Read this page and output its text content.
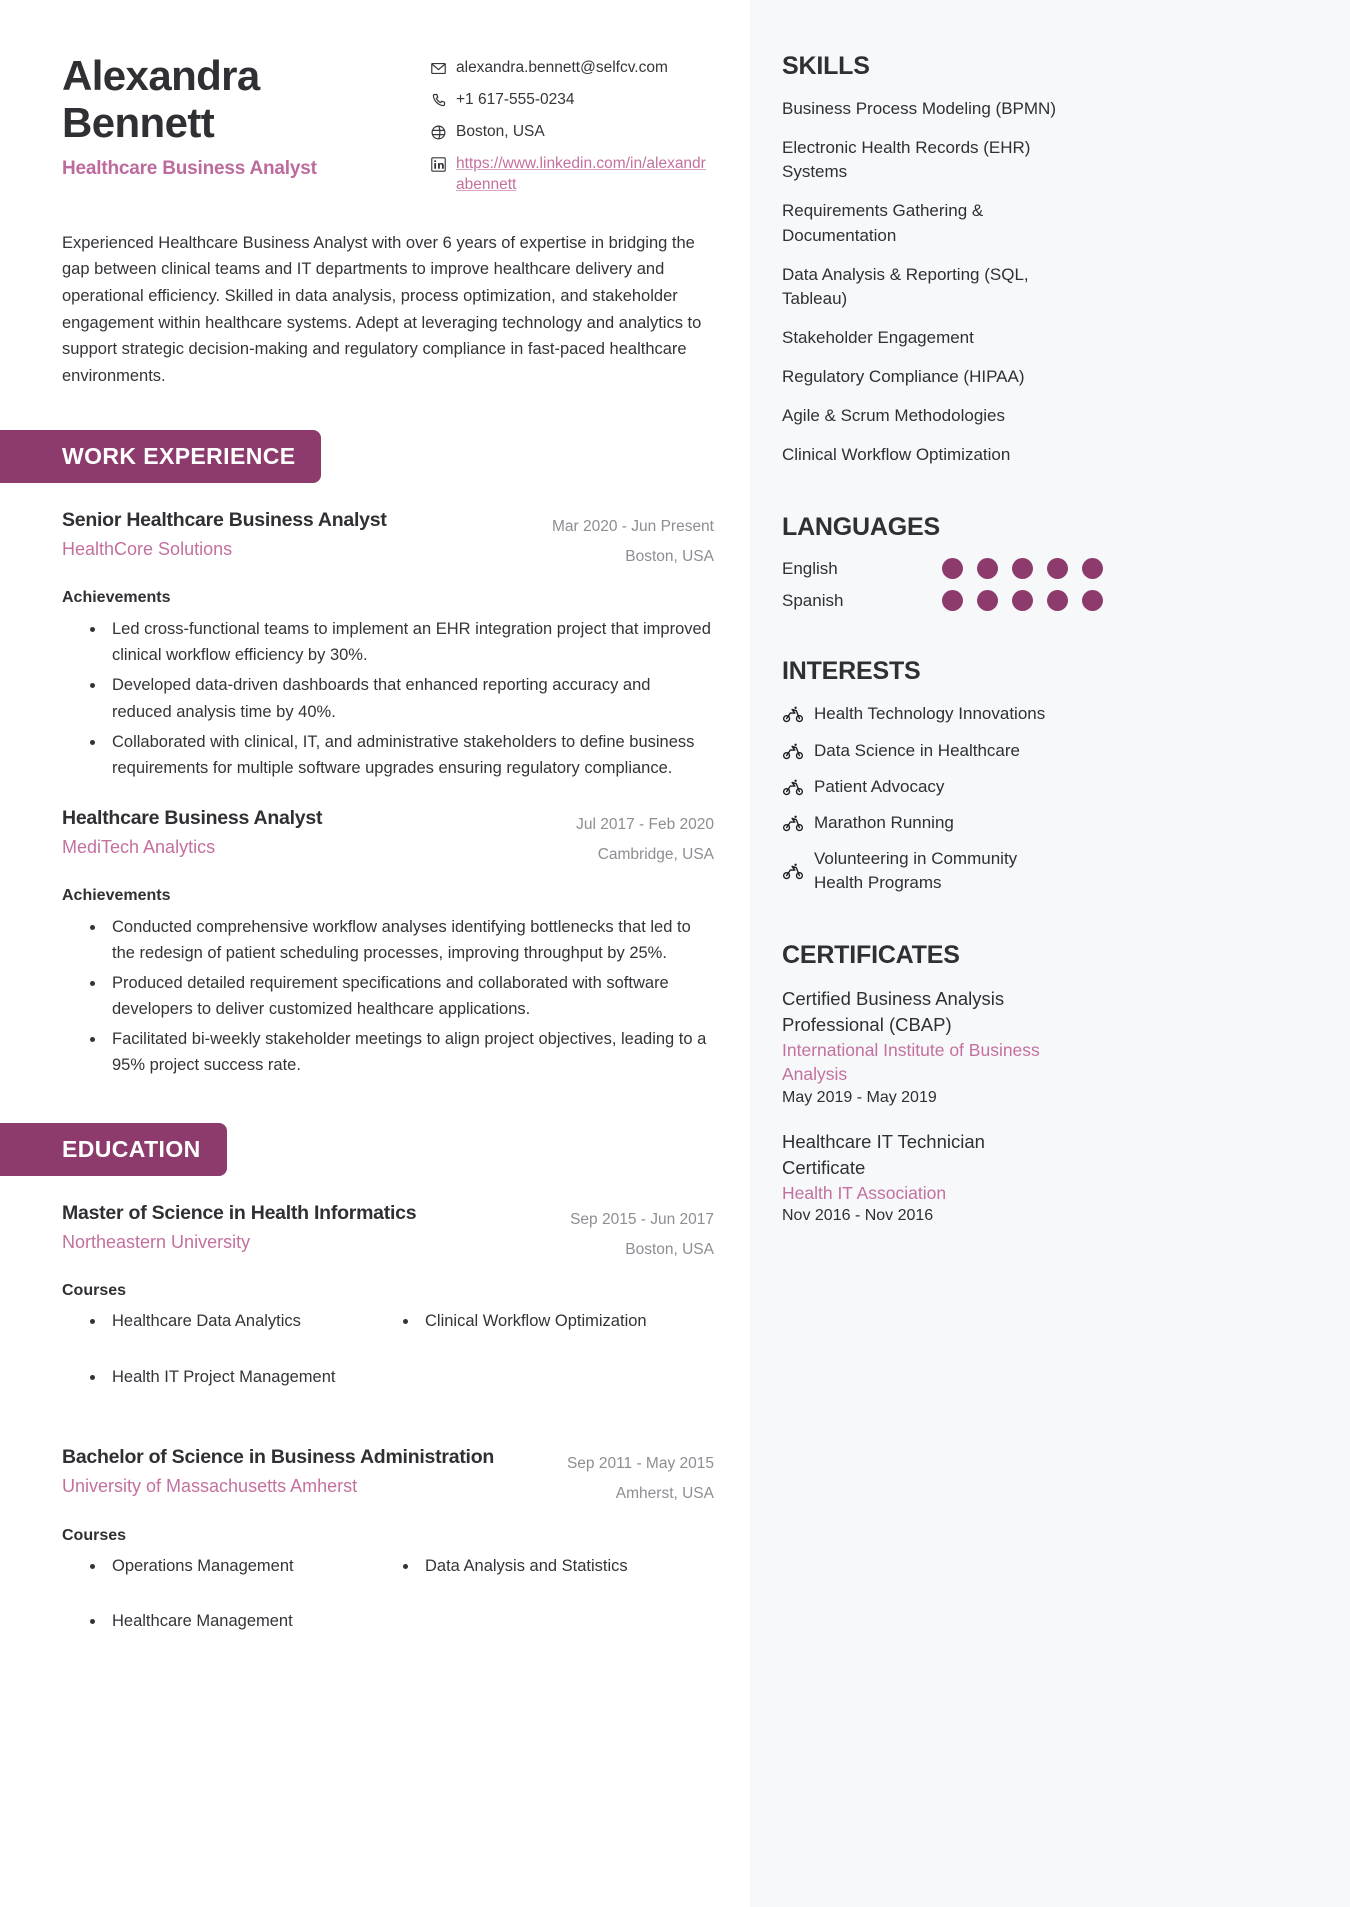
Alexandra
Bennett
Healthcare Business Analyst
alexandra.bennett@selfcv.com
+1 617-555-0234
Boston, USA
https://www.linkedin.com/in/alexandrabennett

Experienced Healthcare Business Analyst with over 6 years of expertise in bridging the gap between clinical teams and IT departments to improve healthcare delivery and operational efficiency. Skilled in data analysis, process optimization, and stakeholder engagement within healthcare systems. Adept at leveraging technology and analytics to support strategic decision-making and regulatory compliance in fast-paced healthcare environments.

WORK EXPERIENCE
Senior Healthcare Business Analyst
HealthCore Solutions
Mar 2020 - Jun Present
Boston, USA
Achievements
• Led cross-functional teams to implement an EHR integration project that improved clinical workflow efficiency by 30%.
• Developed data-driven dashboards that enhanced reporting accuracy and reduced analysis time by 40%.
• Collaborated with clinical, IT, and administrative stakeholders to define business requirements for multiple software upgrades ensuring regulatory compliance.
Healthcare Business Analyst
MediTech Analytics
Jul 2017 - Feb 2020
Cambridge, USA
Achievements
• Conducted comprehensive workflow analyses identifying bottlenecks that led to the redesign of patient scheduling processes, improving throughput by 25%.
• Produced detailed requirement specifications and collaborated with software developers to deliver customized healthcare applications.
• Facilitated bi-weekly stakeholder meetings to align project objectives, leading to a 95% project success rate.
EDUCATION
Master of Science in Health Informatics
Northeastern University
Sep 2015 - Jun 2017
Boston, USA
Courses
• Healthcare Data Analytics	• Clinical Workflow Optimization
• Health IT Project Management
Bachelor of Science in Business Administration
University of Massachusetts Amherst
Sep 2011 - May 2015
Amherst, USA
Courses
• Operations Management	• Data Analysis and Statistics
• Healthcare Management
SKILLS
Business Process Modeling (BPMN)
Electronic Health Records (EHR) Systems
Requirements Gathering & Documentation
Data Analysis & Reporting (SQL, Tableau)
Stakeholder Engagement
Regulatory Compliance (HIPAA)
Agile & Scrum Methodologies
Clinical Workflow Optimization
LANGUAGES
English
Spanish
INTERESTS
Health Technology Innovations
Data Science in Healthcare
Patient Advocacy
Marathon Running
Volunteering in Community Health Programs
CERTIFICATES
Certified Business Analysis Professional (CBAP)
International Institute of Business Analysis
May 2019 - May 2019
Healthcare IT Technician Certificate
Health IT Association
Nov 2016 - Nov 2016
